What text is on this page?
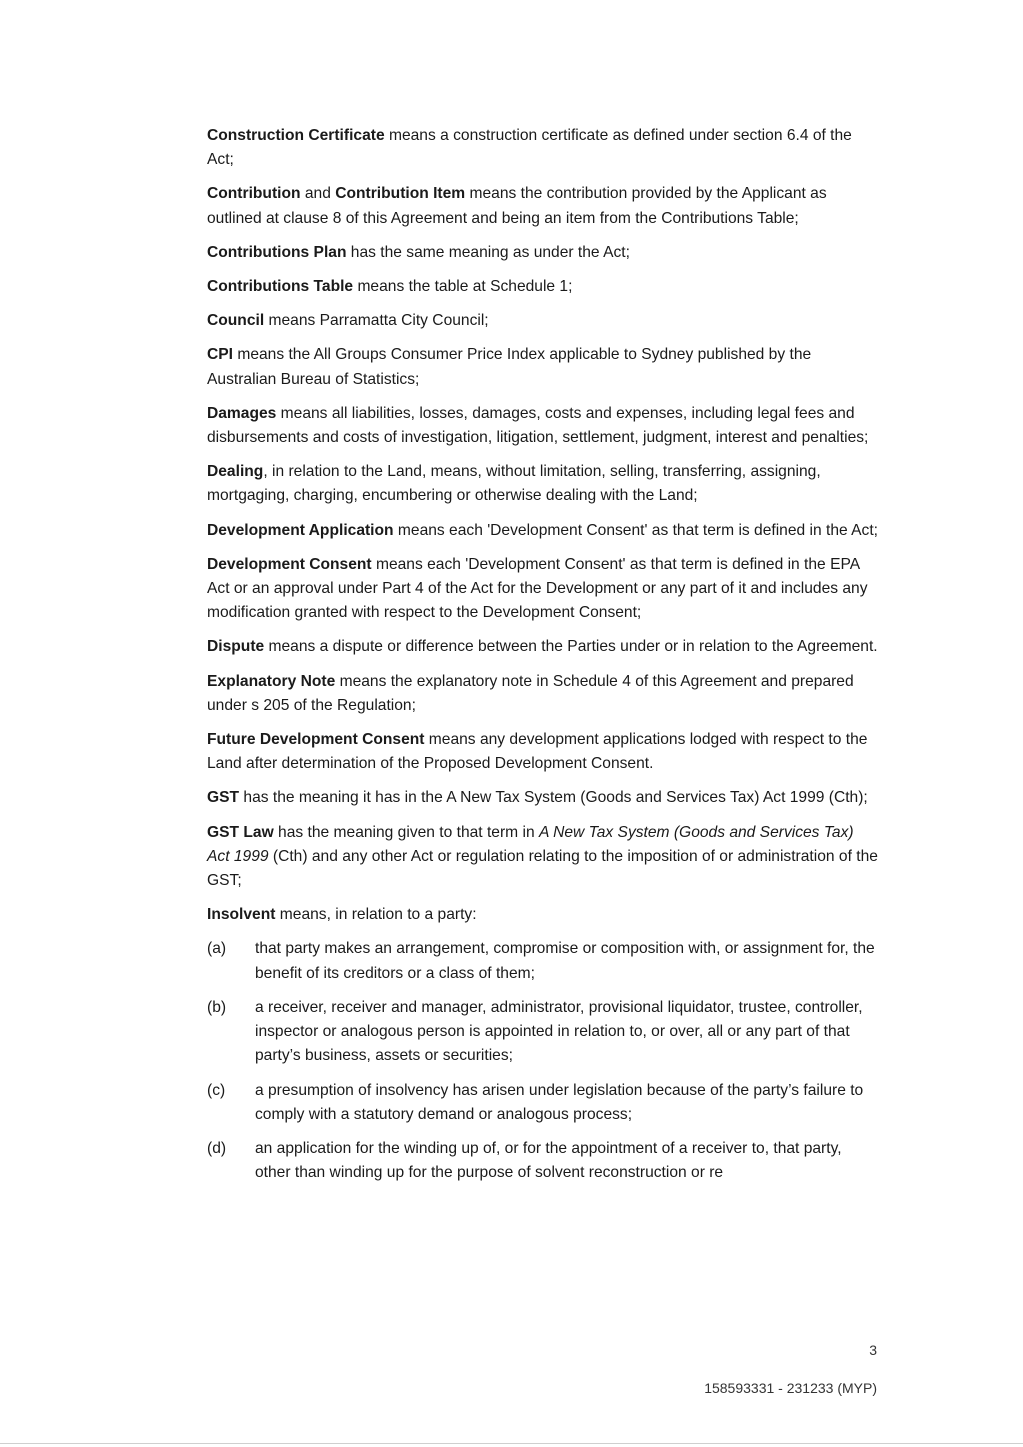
Construction Certificate means a construction certificate as defined under section 6.4 of the Act;

Contribution and Contribution Item means the contribution provided by the Applicant as outlined at clause 8 of this Agreement and being an item from the Contributions Table;

Contributions Plan has the same meaning as under the Act;

Contributions Table means the table at Schedule 1;

Council means Parramatta City Council;

CPI means the All Groups Consumer Price Index applicable to Sydney published by the Australian Bureau of Statistics;

Damages means all liabilities, losses, damages, costs and expenses, including legal fees and disbursements and costs of investigation, litigation, settlement, judgment, interest and penalties;

Dealing, in relation to the Land, means, without limitation, selling, transferring, assigning, mortgaging, charging, encumbering or otherwise dealing with the Land;

Development Application means each 'Development Consent' as that term is defined in the Act;

Development Consent means each 'Development Consent' as that term is defined in the EPA Act or an approval under Part 4 of the Act for the Development or any part of it and includes any modification granted with respect to the Development Consent;

Dispute means a dispute or difference between the Parties under or in relation to the Agreement.

Explanatory Note means the explanatory note in Schedule 4 of this Agreement and prepared under s 205 of the Regulation;

Future Development Consent means any development applications lodged with respect to the Land after determination of the Proposed Development Consent.

GST has the meaning it has in the A New Tax System (Goods and Services Tax) Act 1999 (Cth);

GST Law has the meaning given to that term in A New Tax System (Goods and Services Tax) Act 1999 (Cth) and any other Act or regulation relating to the imposition of or administration of the GST;

Insolvent means, in relation to a party:

(a)	that party makes an arrangement, compromise or composition with, or assignment for, the benefit of its creditors or a class of them;
(b)	a receiver, receiver and manager, administrator, provisional liquidator, trustee, controller, inspector or analogous person is appointed in relation to, or over, all or any part of that party’s business, assets or securities;
(c)	a presumption of insolvency has arisen under legislation because of the party’s failure to comply with a statutory demand or analogous process;
(d)	an application for the winding up of, or for the appointment of a receiver to, that party, other than winding up for the purpose of solvent reconstruction or re
3
158593331 - 231233 (MYP)
